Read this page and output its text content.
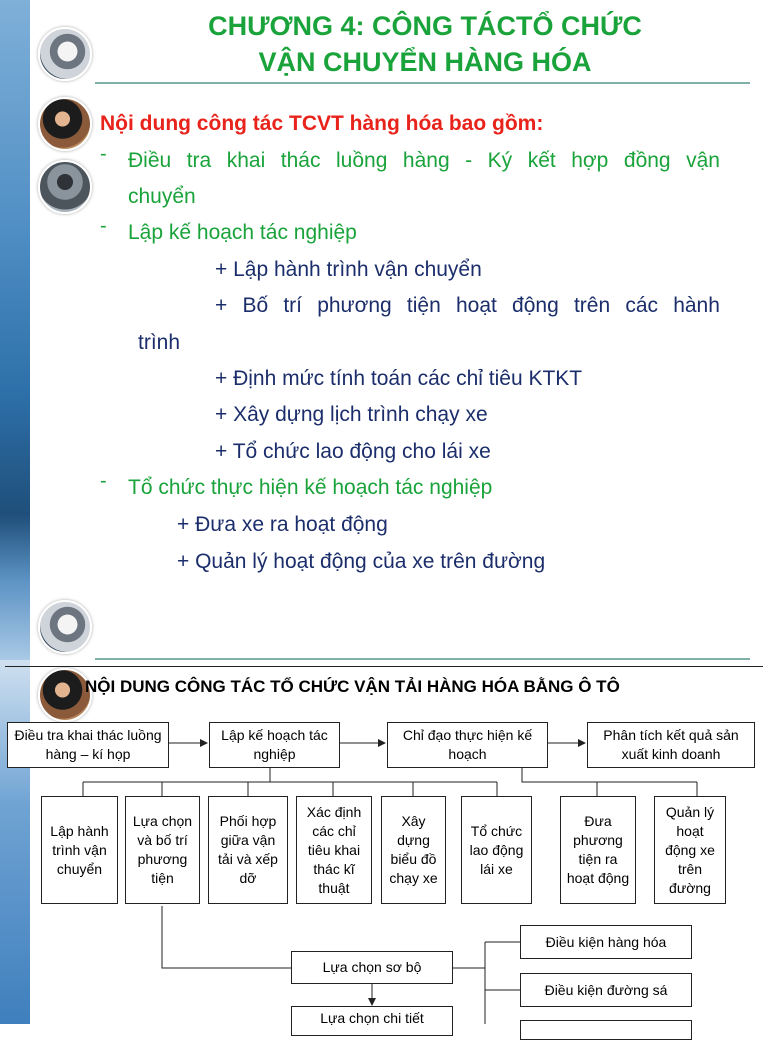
CHƯƠNG 4: CÔNG TÁCTỔ CHỨC
VẬN CHUYỂN HÀNG HÓA
Nội dung công tác TCVT hàng hóa bao gồm:
- Điều tra khai thác luồng hàng - Ký kết hợp đồng vận
chuyển
- Lập kế hoạch tác nghiệp
+ Lập hành trình vận chuyển
+ Bố trí phương tiện hoạt động trên các hành
trình
+ Định mức tính toán các chỉ tiêu KTKT
+ Xây dựng lịch trình chạy xe
+ Tổ chức lao động cho lái xe
- Tổ chức thực hiện kế hoạch tác nghiệp
+ Đưa xe ra hoạt động
+ Quản lý hoạt động của xe trên đường
NỘI DUNG CÔNG TÁC TỔ CHỨC VẬN TẢI HÀNG HÓA BẰNG Ô TÔ
Điều tra khai thác luồng hàng – kí họp
Lập kế hoạch tác nghiệp
Chỉ đạo thực hiện kế hoạch
Phân tích kết quả sản xuất kinh doanh
Lập hành trình vận chuyển
Lựa chọn và bố trí phương tiện
Phối hợp giữa vận tải và xếp dỡ
Xác định các chỉ tiêu khai thác kĩ thuật
Xây dựng biểu đồ chạy xe
Tổ chức lao động lái xe
Đưa phương tiện ra hoạt động
Quản lý hoạt động xe trên đường
Lựa chọn sơ bộ
Lựa chọn chi tiết
Điều kiện hàng hóa
Điều kiện đường sá
